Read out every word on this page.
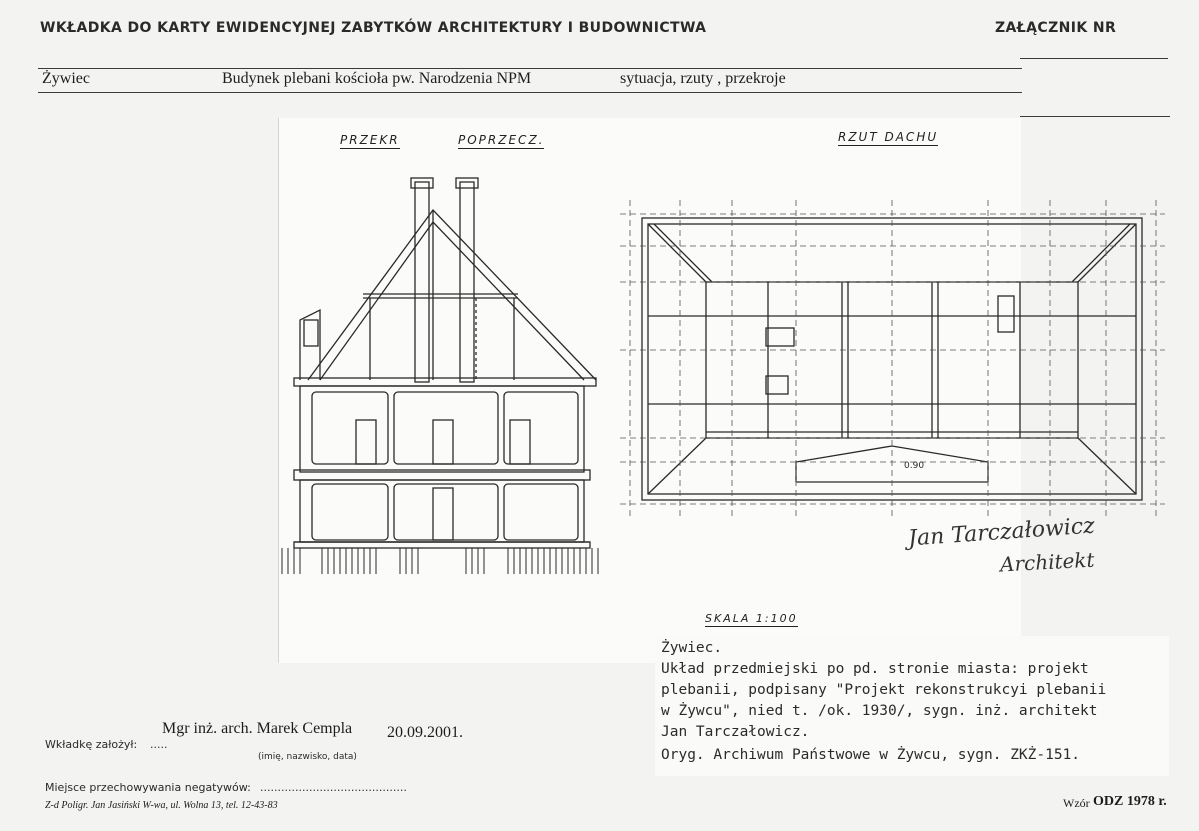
WKŁADKA DO KARTY EWIDENCYJNEJ ZABYTKÓW ARCHITEKTURY I BUDOWNICTWA	ZAŁĄCZNIK NR
Żywiec	Budynek plebani kościoła pw. Narodzenia NPM	sytuacja, rzuty , przekroje
PRZEKR	POPRZECZ.	RZUT DACHU
0.90
Jan Tarczałowicz
Architekt
SKALA 1:100
Żywiec.
Układ przedmiejski po pd. stronie miasta: projekt
plebanii, podpisany "Projekt rekonstrukcyi plebanii
w Żywcu", nied t. /ok. 1930/, sygn. inż. architekt
Jan Tarczałowicz.
Oryg. Archiwum Państwowe w Żywcu, sygn. ZKŻ-151.
Mgr inż. arch. Marek Cempla 20.09.2001.
Wkładkę założył: .....
(imię, nazwisko, data)
Miejsce przechowywania negatywów: ..........................................
Z-d Poligr. Jan Jasiński W-wa, ul. Wolna 13, tel. 12-43-83	Wzór ODZ 1978 r.
